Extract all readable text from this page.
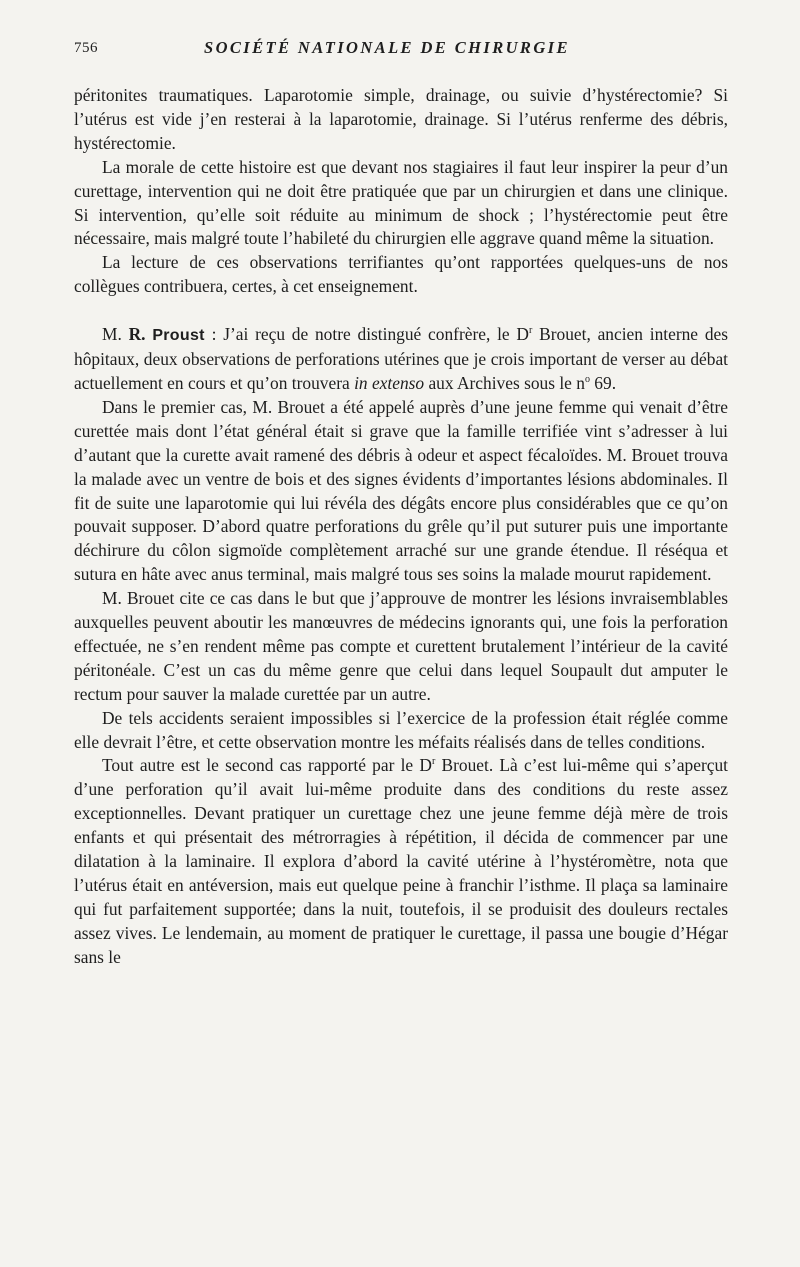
756	SOCIÉTÉ NATIONALE DE CHIRURGIE

péritonites traumatiques. Laparotomie simple, drainage, ou suivie d’hystérectomie? Si l’utérus est vide j’en resterai à la laparotomie, drainage. Si l’utérus renferme des débris, hystérectomie.

La morale de cette histoire est que devant nos stagiaires il faut leur inspirer la peur d’un curettage, intervention qui ne doit être pratiquée que par un chirurgien et dans une clinique. Si intervention, qu’elle soit réduite au minimum de shock ; l’hystérectomie peut être nécessaire, mais malgré toute l’habileté du chirurgien elle aggrave quand même la situation.

La lecture de ces observations terrifiantes qu’ont rapportées quelques-uns de nos collègues contribuera, certes, à cet enseignement.

M. R. Proust : J’ai reçu de notre distingué confrère, le $D^r$ Brouet, ancien interne des hôpitaux, deux observations de perforations utérines que je crois important de verser au débat actuellement en cours et qu’on trouvera in extenso aux Archives sous le $n^o$ 69.

Dans le premier cas, M. Brouet a été appelé auprès d’une jeune femme qui venait d’être curettée mais dont l’état général était si grave que la famille terrifiée vint s’adresser à lui d’autant que la curette avait ramené des débris à odeur et aspect fécaloïdes. M. Brouet trouva la malade avec un ventre de bois et des signes évidents d’importantes lésions abdominales. Il fit de suite une laparotomie qui lui révéla des dégâts encore plus considérables que ce qu’on pouvait supposer. D’abord quatre perforations du grêle qu’il put suturer puis une importante déchirure du côlon sigmoïde complètement arraché sur une grande étendue. Il réséqua et sutura en hâte avec anus terminal, mais malgré tous ses soins la malade mourut rapidement.

M. Brouet cite ce cas dans le but que j’approuve de montrer les lésions invraisemblables auxquelles peuvent aboutir les manœuvres de médecins ignorants qui, une fois la perforation effectuée, ne s’en rendent même pas compte et curettent brutalement l’intérieur de la cavité péritonéale. C’est un cas du même genre que celui dans lequel Soupault dut amputer le rectum pour sauver la malade curettée par un autre.

De tels accidents seraient impossibles si l’exercice de la profession était réglée comme elle devrait l’être, et cette observation montre les méfaits réalisés dans de telles conditions.

Tout autre est le second cas rapporté par le $D^r$ Brouet. Là c’est lui-même qui s’aperçut d’une perforation qu’il avait lui-même produite dans des conditions du reste assez exceptionnelles. Devant pratiquer un curettage chez une jeune femme déjà mère de trois enfants et qui présentait des métrorragies à répétition, il décida de commencer par une dilatation à la laminaire. Il explora d’abord la cavité utérine à l’hystéromètre, nota que l’utérus était en antéversion, mais eut quelque peine à franchir l’isthme. Il plaça sa laminaire qui fut parfaitement supportée; dans la nuit, toutefois, il se produisit des douleurs rectales assez vives. Le lendemain, au moment de pratiquer le curettage, il passa une bougie d’Hégar sans le
